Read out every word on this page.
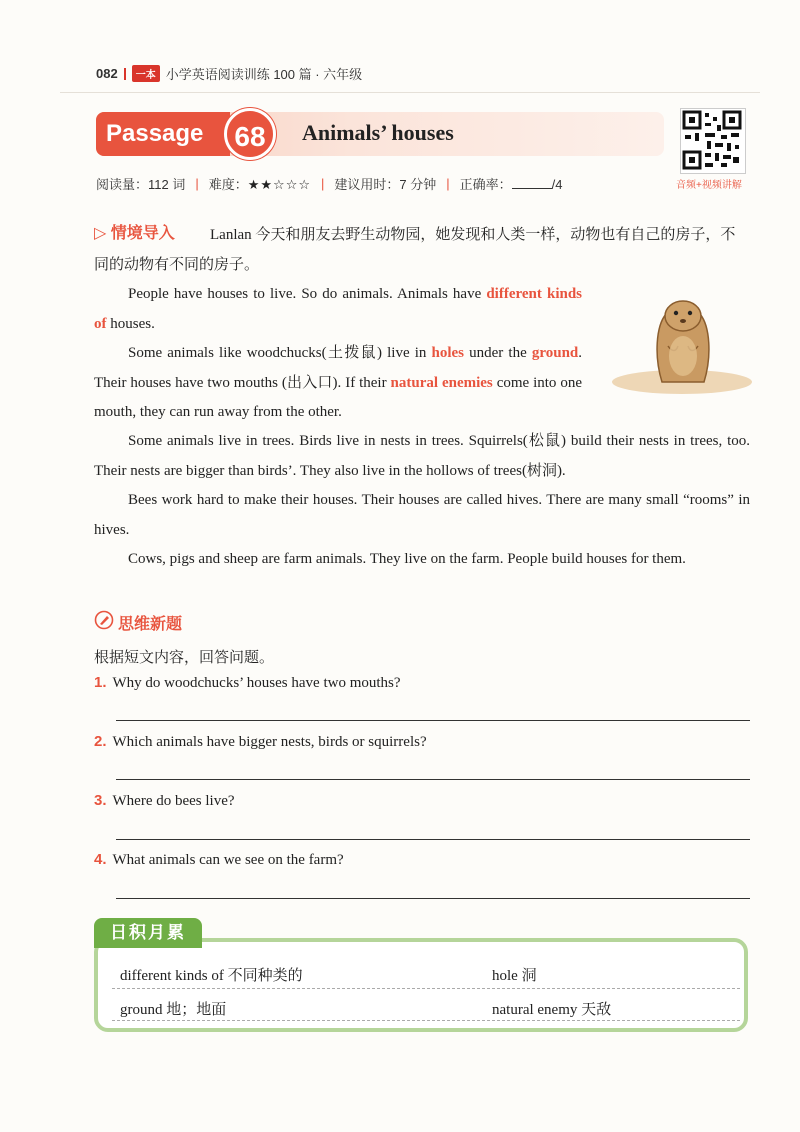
082	一本 小学英语阅读训练 100 篇 · 六年级
Passage	68	Animals’ houses
音频+视频讲解
阅读量：112 词 | 难度：★★☆☆☆ | 建议用时：7 分钟 | 正确率：	/4
▷ 情境导入	Lanlan 今天和朋友去野生动物园，她发现和人类一样，动物也有自己的房子，不同的动物有不同的房子。
People have houses to live. So do animals. Animals have different kinds of houses.
Some animals like woodchucks(土拨鼠) live in holes under the ground. Their houses have two mouths (出入口). If their natural enemies come into one mouth, they can run away from the other.
Some animals live in trees. Birds live in nests in trees. Squirrels(松鼠) build their nests in trees, too. Their nests are bigger than birds’. They also live in the hollows of trees(树洞).
Bees work hard to make their houses. Their houses are called hives. There are many small “rooms” in hives.
Cows, pigs and sheep are farm animals. They live on the farm. People build houses for them.
思维新题
根据短文内容，回答问题。
1. Why do woodchucks’ houses have two mouths?
2. Which animals have bigger nests, birds or squirrels?
3. Where do bees live?
4. What animals can we see on the farm?
日积月累
different kinds of 不同种类的	hole 洞
ground 地；地面	natural enemy 天敌
